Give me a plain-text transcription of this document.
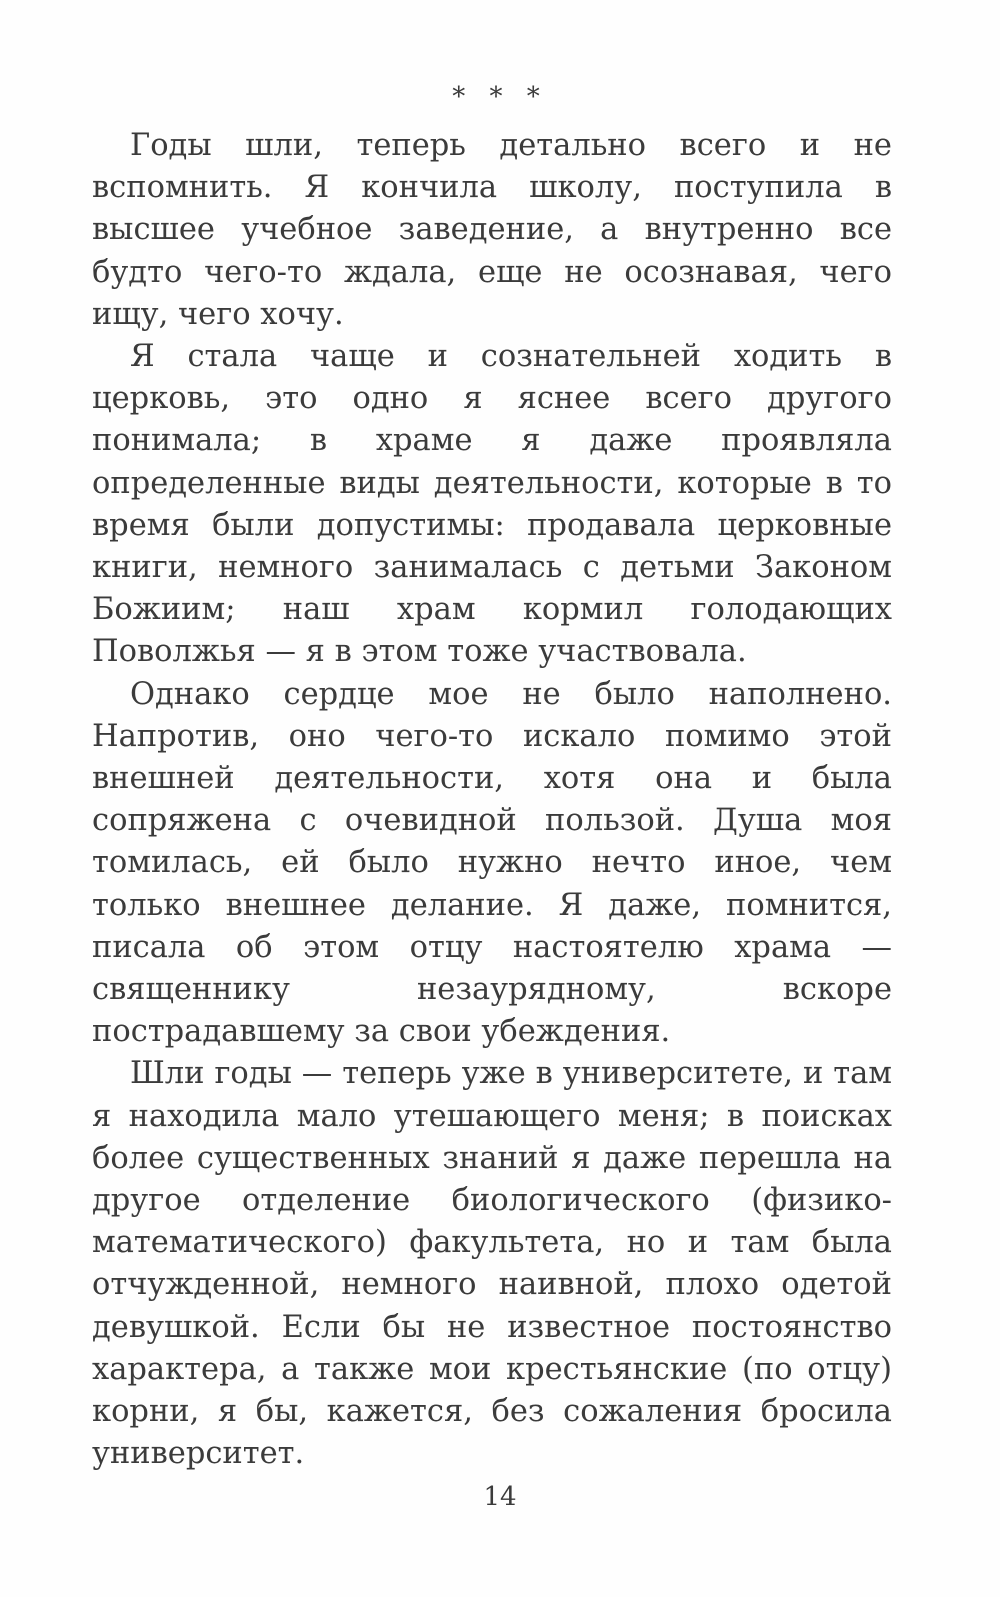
* * *

Годы шли, теперь детально всего и не вспомнить. Я кончила школу, поступила в высшее учебное заведение, а внутренно все будто чего-то ждала, еще не осознавая, чего ищу, чего хочу.

Я стала чаще и сознательней ходить в церковь, это одно я яснее всего другого понимала; в храме я даже проявляла определенные виды деятельности, которые в то время были допустимы: продавала церковные книги, немного занималась с детьми Законом Божиим; наш храм кормил голодающих Поволжья — я в этом тоже участвовала.

Однако сердце мое не было наполнено. Напротив, оно чего-то искало помимо этой внешней деятельности, хотя она и была сопряжена с очевидной пользой. Душа моя томилась, ей было нужно нечто иное, чем только внешнее делание. Я даже, помнится, писала об этом отцу настоятелю храма — священнику незаурядному, вскоре пострадавшему за свои убеждения.

Шли годы — теперь уже в университете, и там я находила мало утешающего меня; в поисках более существенных знаний я даже перешла на другое отделение биологического (физико-математического) факультета, но и там была отчужденной, немного наивной, плохо одетой девушкой. Если бы не известное постоянство характера, а также мои крестьянские (по отцу) корни, я бы, кажется, без сожаления бросила университет.

14
